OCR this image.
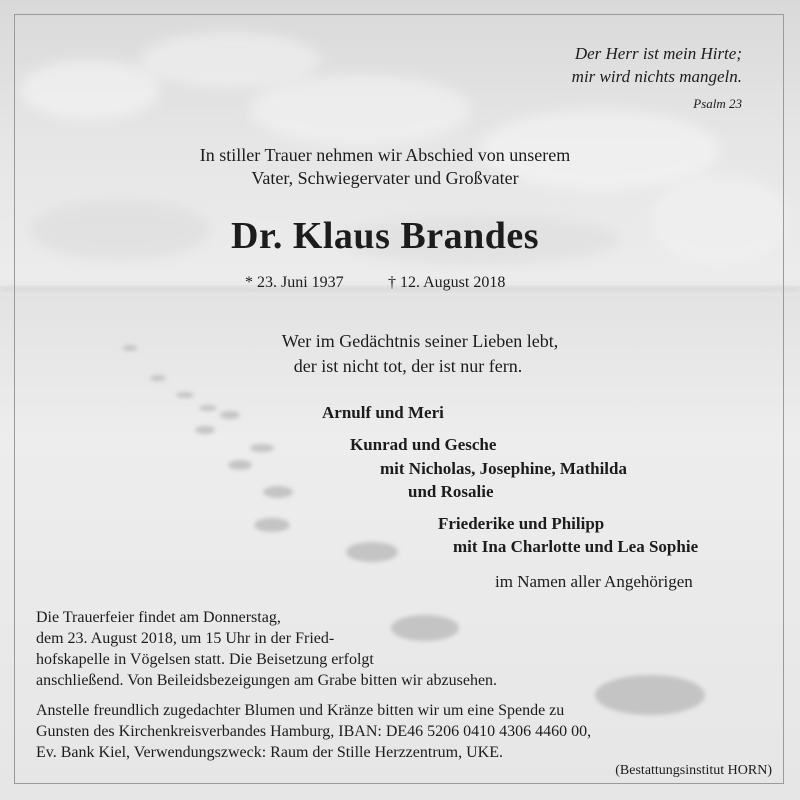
Der Herr ist mein Hirte;
mir wird nichts mangeln.
Psalm 23
In stiller Trauer nehmen wir Abschied von unserem
Vater, Schwiegervater und Großvater
Dr. Klaus Brandes
* 23. Juni 1937	† 12. August 2018
Wer im Gedächtnis seiner Lieben lebt,
der ist nicht tot, der ist nur fern.
Arnulf und Meri
Kunrad und Gesche
mit Nicholas, Josephine, Mathilda
und Rosalie
Friederike und Philipp
mit Ina Charlotte und Lea Sophie
im Namen aller Angehörigen
Die Trauerfeier findet am Donnerstag,
dem 23. August 2018, um 15 Uhr in der Fried-
hofskapelle in Vögelsen statt. Die Beisetzung erfolgt
anschließend. Von Beileidsbezeigungen am Grabe bitten wir abzusehen.
Anstelle freundlich zugedachter Blumen und Kränze bitten wir um eine Spende zu
Gunsten des Kirchenkreisverbandes Hamburg, IBAN: DE46 5206 0410 4306 4460 00,
Ev. Bank Kiel, Verwendungszweck: Raum der Stille Herzzentrum, UKE.
(Bestattungsinstitut HORN)
